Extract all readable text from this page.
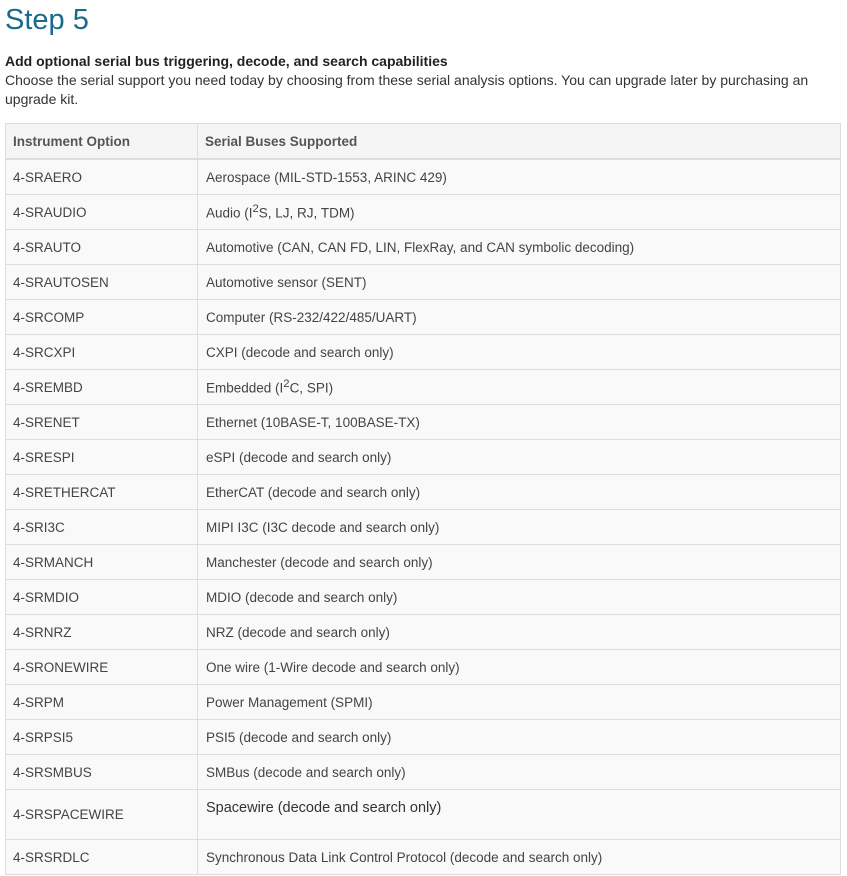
Step 5
Add optional serial bus triggering, decode, and search capabilities

Choose the serial support you need today by choosing from these serial analysis options. You can upgrade later by purchasing an upgrade kit.

Instrument Option	Serial Buses Supported
4-SRAERO	Aerospace (MIL-STD-1553, ARINC 429)
4-SRAUDIO	Audio ($I^2S$, LJ, RJ, TDM)
4-SRAUTO	Automotive (CAN, CAN FD, LIN, FlexRay, and CAN symbolic decoding)
4-SRAUTOSEN	Automotive sensor (SENT)
4-SRCOMP	Computer (RS-232/422/485/UART)
4-SRCXPI	CXPI (decode and search only)
4-SREMBD	Embedded ($I^2C$, SPI)
4-SRENET	Ethernet (10BASE-T, 100BASE-TX)
4-SRESPI	eSPI (decode and search only)
4-SRETHERCAT	EtherCAT (decode and search only)
4-SRI3C	MIPI I3C (I3C decode and search only)
4-SRMANCH	Manchester (decode and search only)
4-SRMDIO	MDIO (decode and search only)
4-SRNRZ	NRZ (decode and search only)
4-SRONEWIRE	One wire (1-Wire decode and search only)
4-SRPM	Power Management (SPMI)
4-SRPSI5	PSI5 (decode and search only)
4-SRSMBUS	SMBus (decode and search only)
4-SRSPACEWIRE	Spacewire (decode and search only)
4-SRSRDLC	Synchronous Data Link Control Protocol (decode and search only)
